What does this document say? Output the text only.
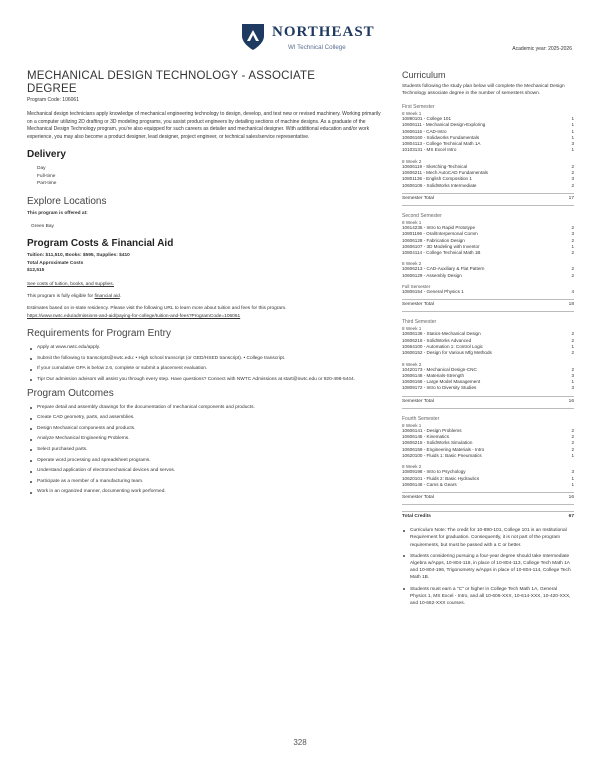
NORTHEAST
WI Technical College	Academic year: 2025-2026
MECHANICAL DESIGN TECHNOLOGY - ASSOCIATE
DEGREE
Program Code: 106061
Mechanical design technicians apply knowledge of mechanical engineering technology to design, develop, and test new or revised machinery. Working primarily on a computer utilizing 2D drafting or 3D modeling programs, you assist product engineers by detailing sections of machine designs. As a graduate of the Mechanical Design Technology program, you're also equipped for such careers as detailer and mechanical designer. With additional education and/or work experience, you may also become a product designer, lead designer, project engineer, or technical sales/service representative.
Delivery
Day
Full-time
Part-time
Explore Locations
This program is offered at:
Green Bay
Program Costs & Financial Aid
Tuition: $11,510, Books: $595, Supplies: $410
Total Approximate Costs
$12,515
See costs of tuition, books, and supplies.
This program is fully eligible for financial aid.
Estimates based on in-state residency. Please visit the following URL to learn more about tuition and fees for this program.
https://www.nwtc.edu/admissions-and-aid/paying-for-college/tuition-and-fees?ProgramCode=106061
Requirements for Program Entry
Apply at www.nwtc.edu/apply.
Submit the following to transcripts@nwtc.edu: • High school transcript (or GED/HSED transcript). • College transcript.
If your cumulative GPA is below 2.6, complete or submit a placement evaluation.
Tip! Our admission advisors will assist you through every step. Have questions? Connect with NWTC Admissions at start@nwtc.edu or 920-498-5444.
Program Outcomes
Prepare detail and assembly drawings for the documentation of mechanical components and products.
Create CAD geometry, parts, and assemblies.
Design Mechanical components and products.
Analyze Mechanical Engineering Problems.
Select purchased parts.
Operate word processing and spreadsheet programs.
Understand application of electromechanical devices and servos.
Participate as a member of a manufacturing team.
Work in an organized manner, documenting work performed.
Curriculum
Students following the study plan below will complete the Mechanical Design Technology associate degree in the number of semesters shown.
First Semester
8 Week 1
10890101 - College 101	1
10606111 - Mechanical Design-Exploring	1
10606116 - CAD-Intro	1
10606160 - Solidworks Fundamentals	1
10804113 - College Technical Math 1A	3
10103131 - MS Excel Intro	1
8 Week 2
10606119 - Sketching-Technical	2
10606211 - Mech AutoCAD Fundamentals	2
10801136 - English Composition 1	3
10606106 - SolidWorks Intermediate	2
Semester Total	17
Second Semester
8 Week 1
10614235 - Intro to Rapid Prototype	2
10801196 - Oral/Interpersonal Comm	3
10606128 - Fabrication Design	2
10606107 - 3D Modeling with Inventor	1
10804114 - College Technical Math 1B	2
8 Week 2
10606213 - CAD-Auxiliary & Flat Pattern	2
10606129 - Assembly Design	2
Full Semester
10806154 - General Physics 1	4
Semester Total	18
Third Semester
8 Week 1
10606138 - Statics-Mechanical Design	2
10606216 - SolidWorks Advanced	2
10664100 - Automation 1: Control Logic	1
10606152 - Design for Various Mfg Methods	2
8 Week 2
10420173 - Mechanical Design-CNC	2
10606148 - Materials-Strength	3
10606168 - Large Model Management	1
10809172 - Intro to Diversity Studies	3
Semester Total	16
Fourth Semester
8 Week 1
10606141 - Design Problems	2
10606145 - Kinematics	2
10606215 - SolidWorks Simulation	2
10606159 - Engineering Materials - Intro	2
10620100 - Fluids 1: Basic Pneumatics	1
8 Week 2
10809198 - Intro to Psychology	3
10620101 - Fluids 2: Basic Hydraulics	1
10606146 - Cams & Gears	1
Semester Total	16
Total Credits	67
Curriculum Note: The credit for 10-890-101, College 101 is an Institutional Requirement for graduation. Consequently, it is not part of the program requirements, but must be passed with a C or better.
Students considering pursuing a four-year degree should take Intermediate Algebra w/Apps, 10-804-118, in place of 10-804-113, College Tech Math 1A and 10-804-196, Trigonometry w/Apps in place of 10-804-114, College Tech Math 1B.
Students must earn a "C" or higher in College Tech Math 1A, General Physics 1, MS Excel - Intro, and all 10-606-XXX, 10-614-XXX, 10-420-XXX, and 10-662-XXX courses.
328
